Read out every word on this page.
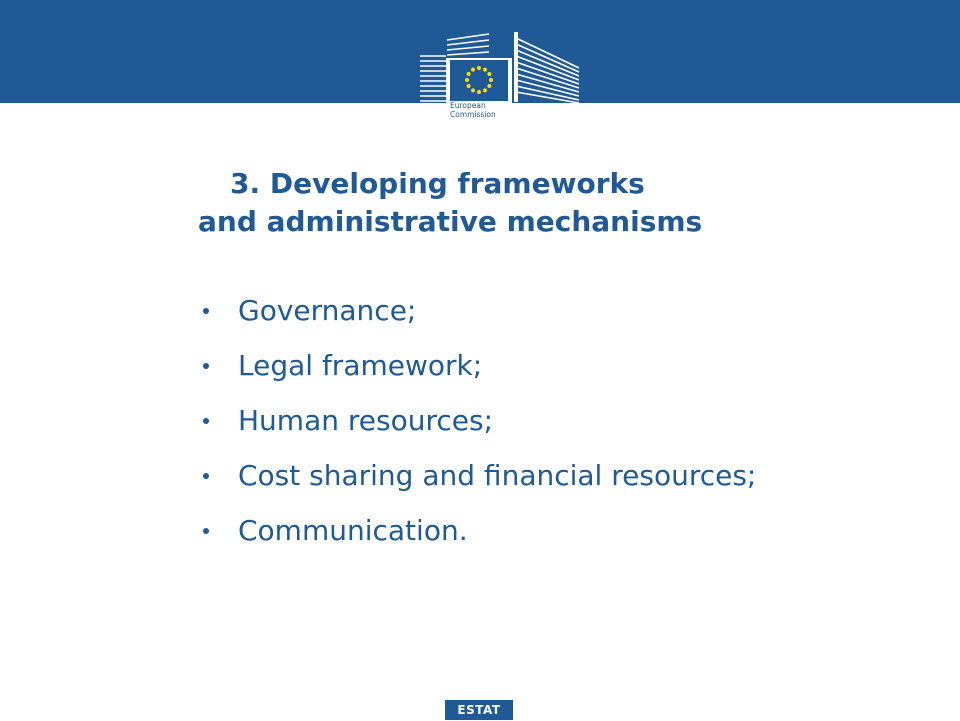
European
Commission
3. Developing frameworks
and administrative mechanisms
Governance;
Legal framework;
Human resources;
Cost sharing and financial resources;
Communication.
ESTAT
